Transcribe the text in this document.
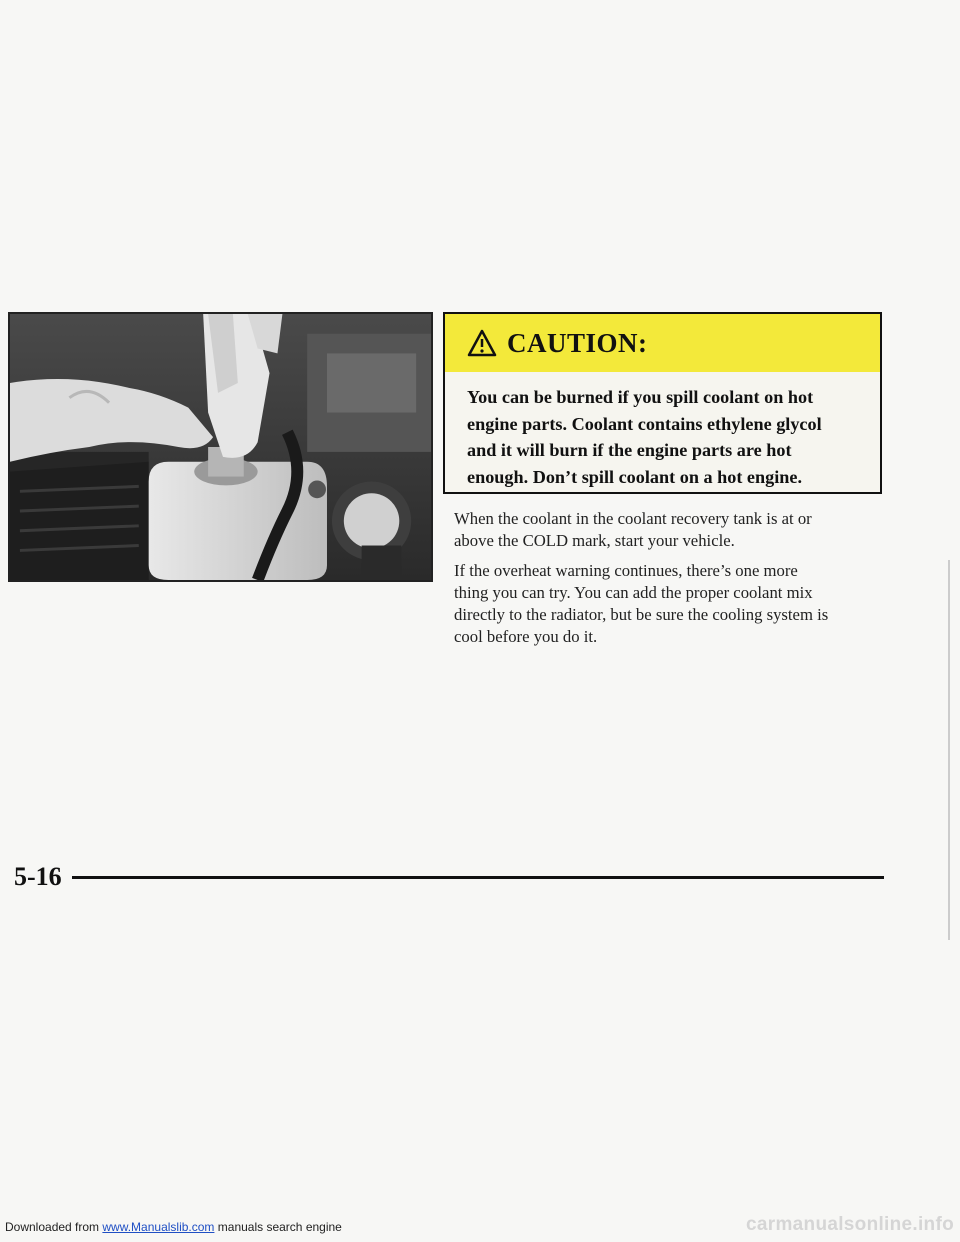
CAUTION:
You can be burned if you spill coolant on hot
engine parts. Coolant contains ethylene glycol
and it will burn if the engine parts are hot
enough. Don’t spill coolant on a hot engine.

When the coolant in the coolant recovery tank is at or
above the COLD mark, start your vehicle.

If the overheat warning continues, there’s one more
thing you can try. You can add the proper coolant mix
directly to the radiator, but be sure the cooling system is
cool before you do it.

5-16
Downloaded from www.Manualslib.com manuals search engine	carmanualsonline.info
